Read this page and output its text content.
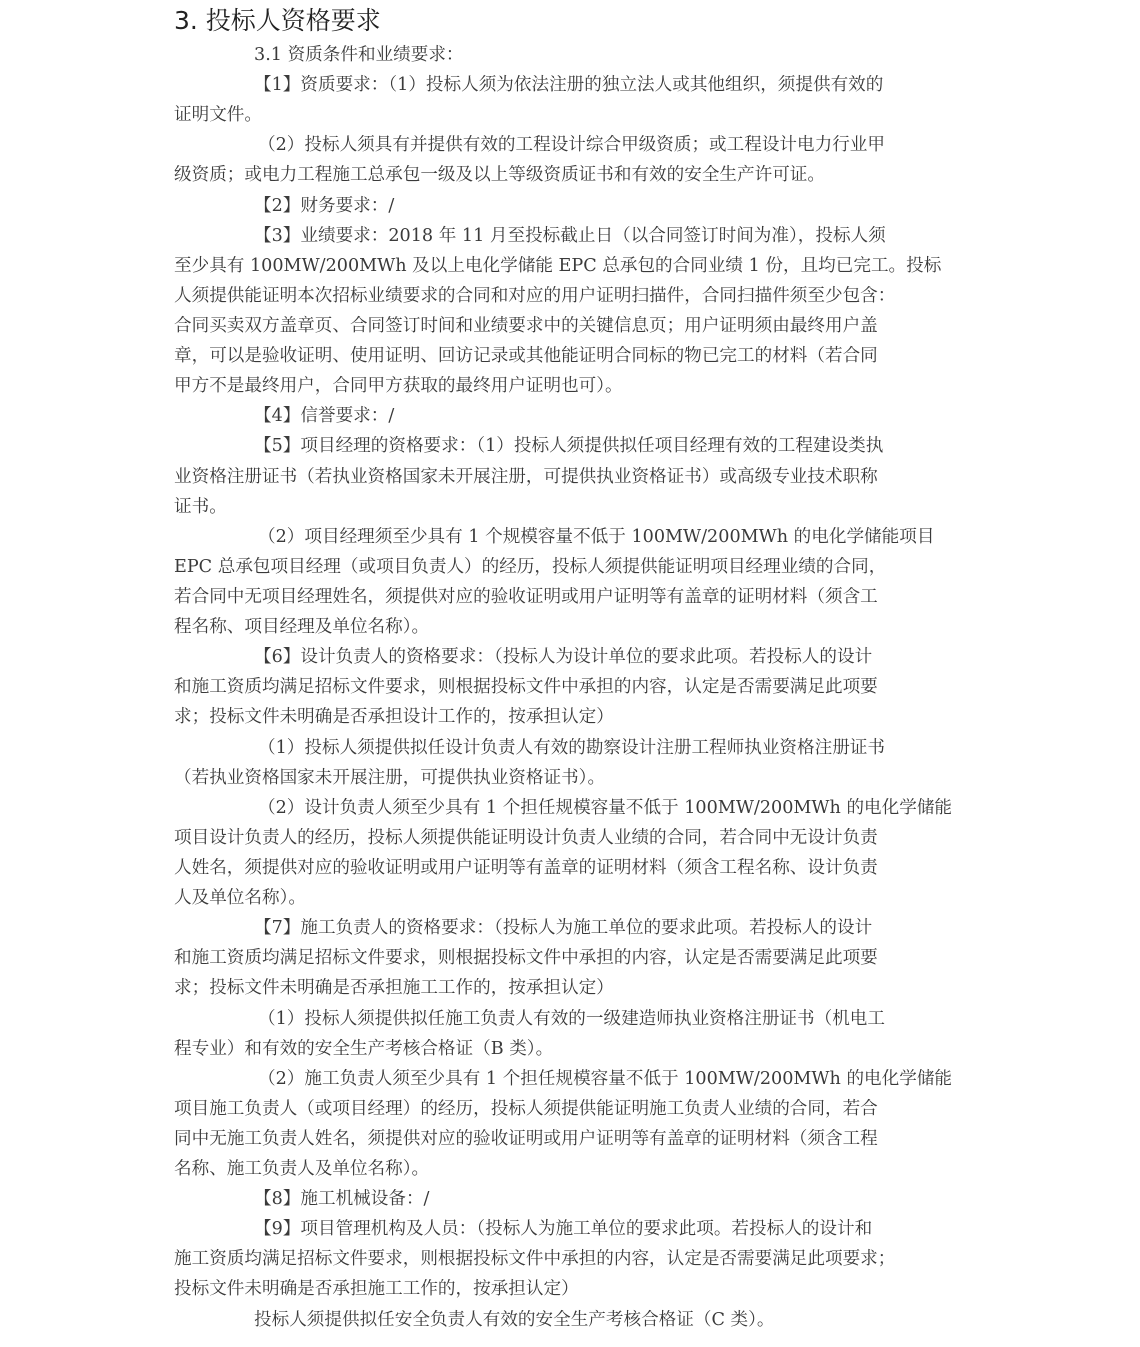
3. 投标人资格要求
3.1 资质条件和业绩要求：
【1】资质要求：（1）投标人须为依法注册的独立法人或其他组织，须提供有效的
证明文件。
（2）投标人须具有并提供有效的工程设计综合甲级资质；或工程设计电力行业甲
级资质；或电力工程施工总承包一级及以上等级资质证书和有效的安全生产许可证。
【2】财务要求：/
【3】业绩要求：2018 年 11 月至投标截止日（以合同签订时间为准），投标人须
至少具有 100MW/200MWh 及以上电化学储能 EPC 总承包的合同业绩 1 份，且均已完工。投标
人须提供能证明本次招标业绩要求的合同和对应的用户证明扫描件，合同扫描件须至少包含：
合同买卖双方盖章页、合同签订时间和业绩要求中的关键信息页；用户证明须由最终用户盖
章，可以是验收证明、使用证明、回访记录或其他能证明合同标的物已完工的材料（若合同
甲方不是最终用户，合同甲方获取的最终用户证明也可）。
【4】信誉要求：/
【5】项目经理的资格要求：（1）投标人须提供拟任项目经理有效的工程建设类执
业资格注册证书（若执业资格国家未开展注册，可提供执业资格证书）或高级专业技术职称
证书。
（2）项目经理须至少具有 1 个规模容量不低于 100MW/200MWh 的电化学储能项目
EPC 总承包项目经理（或项目负责人）的经历，投标人须提供能证明项目经理业绩的合同，
若合同中无项目经理姓名，须提供对应的验收证明或用户证明等有盖章的证明材料（须含工
程名称、项目经理及单位名称）。
【6】设计负责人的资格要求：（投标人为设计单位的要求此项。若投标人的设计
和施工资质均满足招标文件要求，则根据投标文件中承担的内容，认定是否需要满足此项要
求；投标文件未明确是否承担设计工作的，按承担认定）
（1）投标人须提供拟任设计负责人有效的勘察设计注册工程师执业资格注册证书
（若执业资格国家未开展注册，可提供执业资格证书）。
（2）设计负责人须至少具有 1 个担任规模容量不低于 100MW/200MWh 的电化学储能
项目设计负责人的经历，投标人须提供能证明设计负责人业绩的合同，若合同中无设计负责
人姓名，须提供对应的验收证明或用户证明等有盖章的证明材料（须含工程名称、设计负责
人及单位名称）。
【7】施工负责人的资格要求：（投标人为施工单位的要求此项。若投标人的设计
和施工资质均满足招标文件要求，则根据投标文件中承担的内容，认定是否需要满足此项要
求；投标文件未明确是否承担施工工作的，按承担认定）
（1）投标人须提供拟任施工负责人有效的一级建造师执业资格注册证书（机电工
程专业）和有效的安全生产考核合格证（B 类）。
（2）施工负责人须至少具有 1 个担任规模容量不低于 100MW/200MWh 的电化学储能
项目施工负责人（或项目经理）的经历，投标人须提供能证明施工负责人业绩的合同，若合
同中无施工负责人姓名，须提供对应的验收证明或用户证明等有盖章的证明材料（须含工程
名称、施工负责人及单位名称）。
【8】施工机械设备：/
【9】项目管理机构及人员：（投标人为施工单位的要求此项。若投标人的设计和
施工资质均满足招标文件要求，则根据投标文件中承担的内容，认定是否需要满足此项要求；
投标文件未明确是否承担施工工作的，按承担认定）
投标人须提供拟任安全负责人有效的安全生产考核合格证（C 类）。
